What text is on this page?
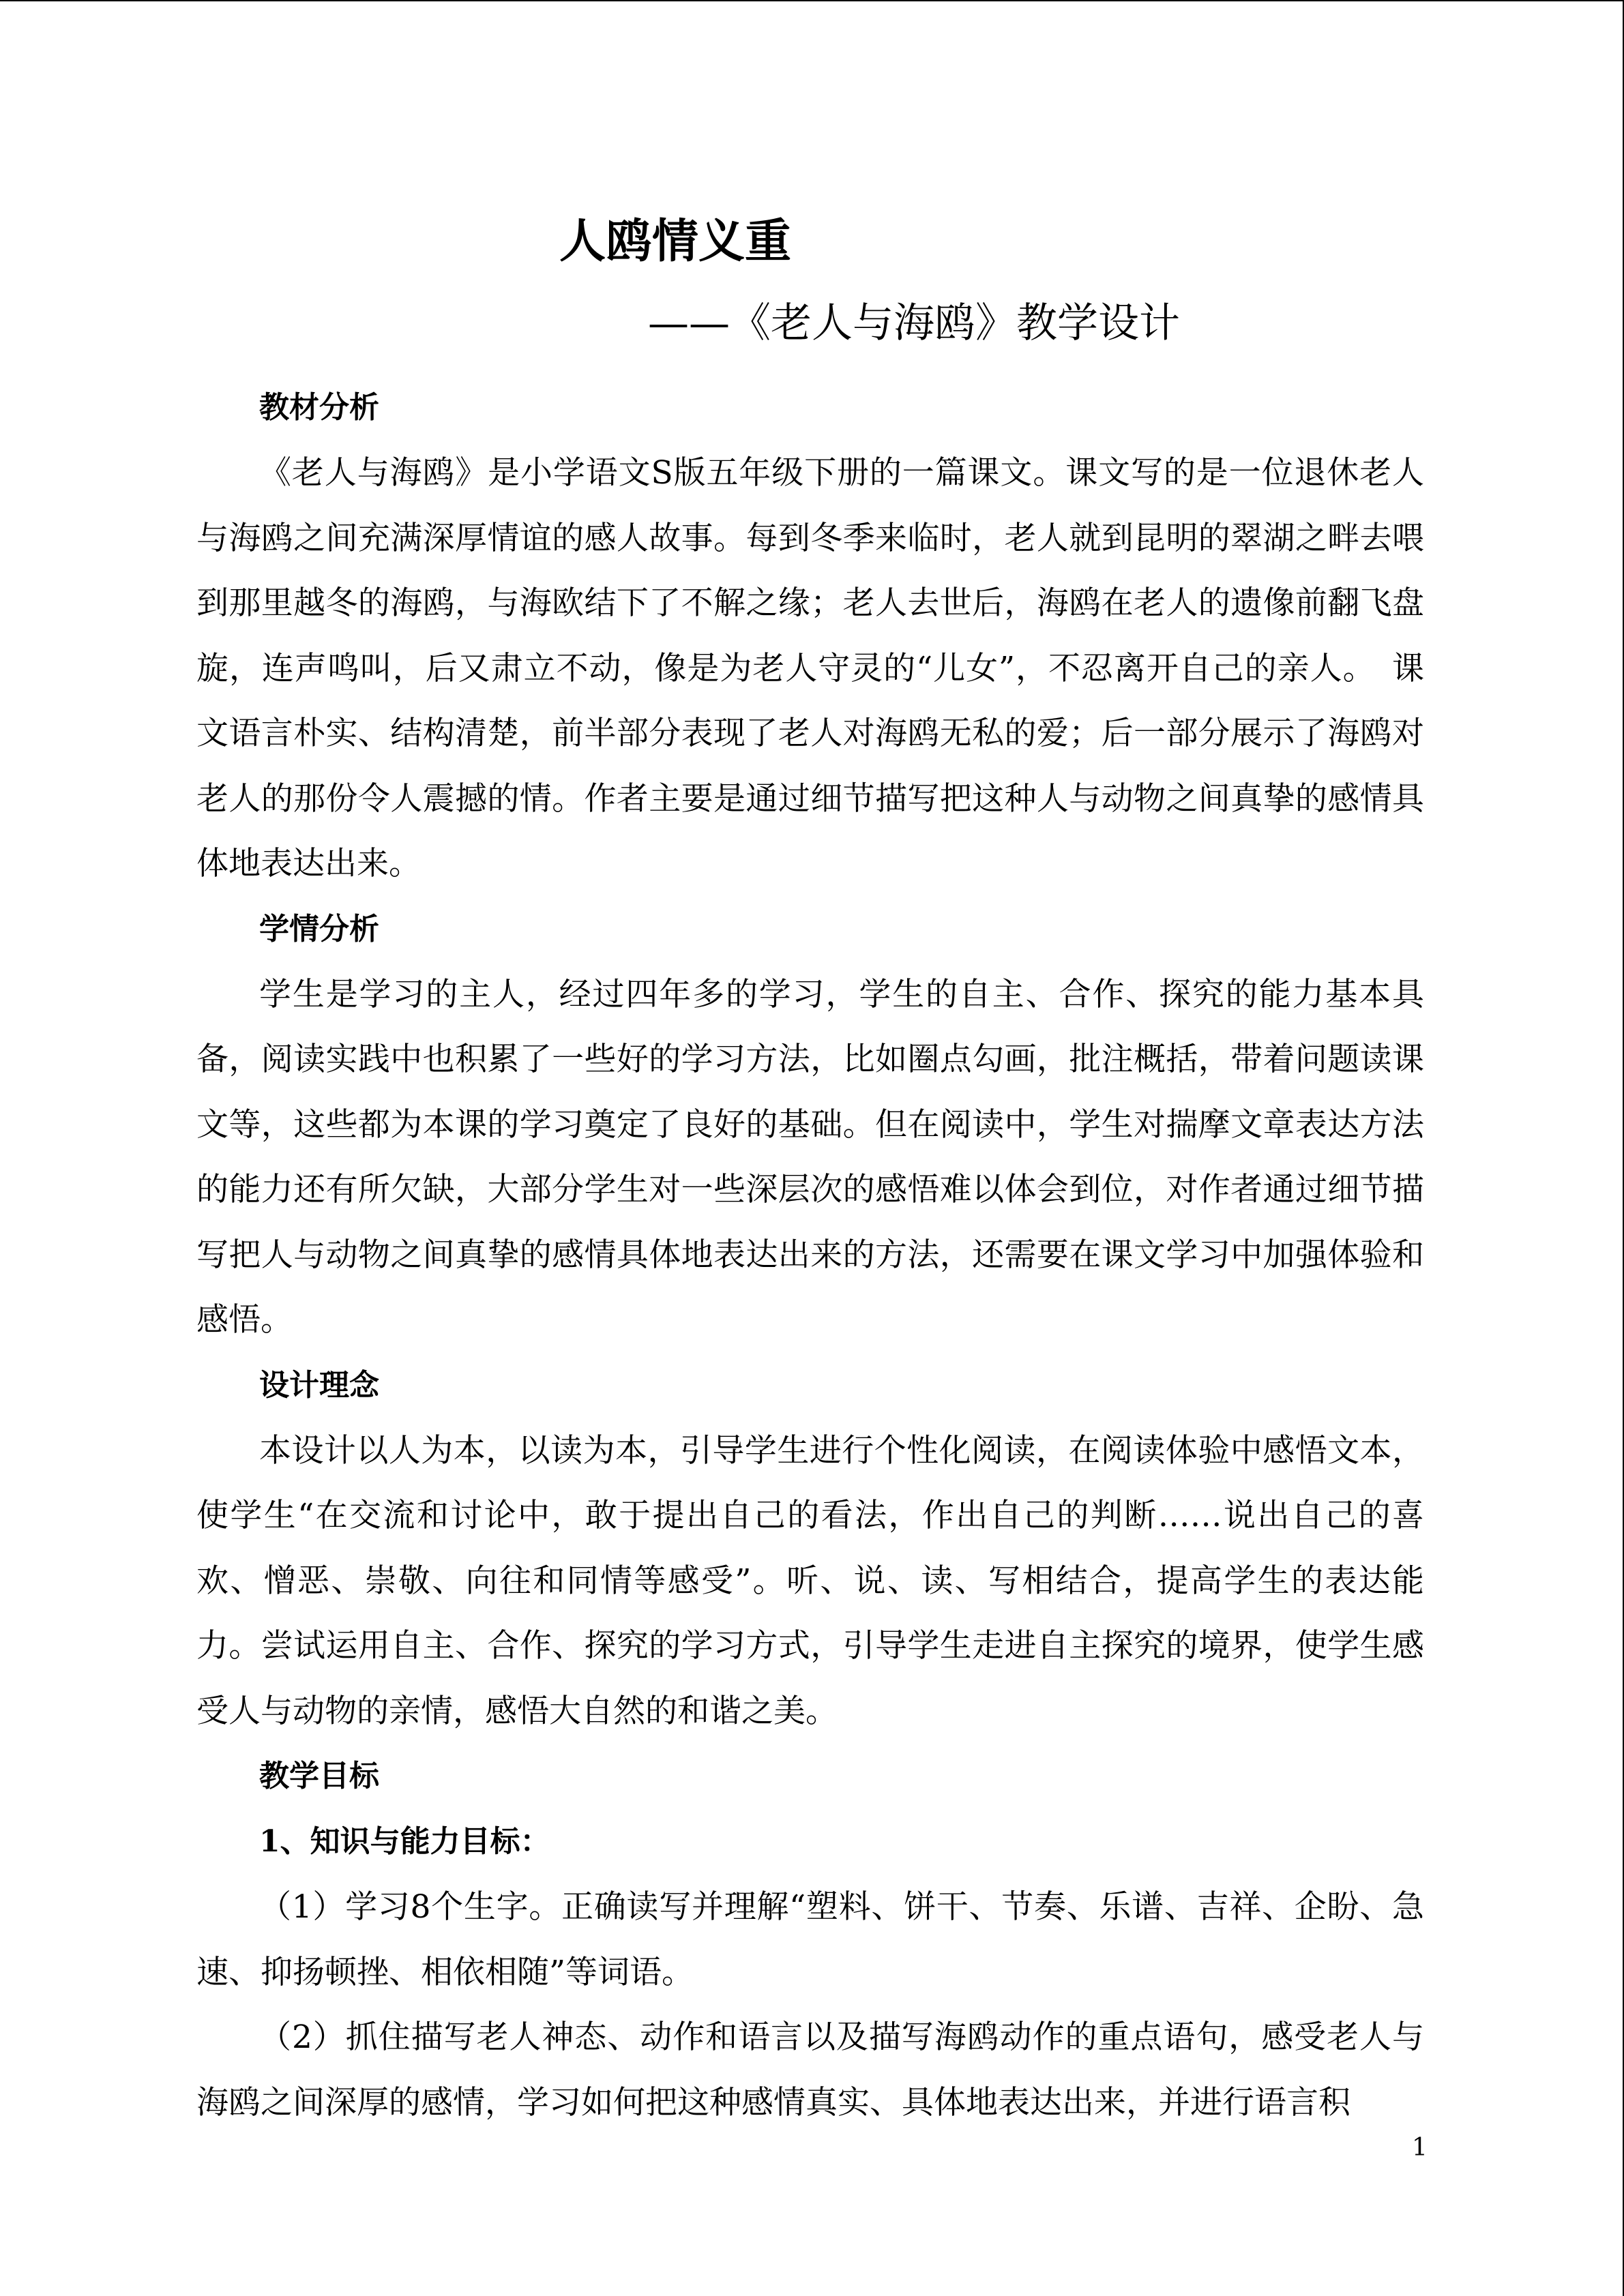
人鸥情义重
——《老人与海鸥》教学设计
教材分析

《老人与海鸥》是小学语文S版五年级下册的一篇课文。课文写的是一位退休老人与海鸥之间充满深厚情谊的感人故事。每到冬季来临时，老人就到昆明的翠湖之畔去喂到那里越冬的海鸥，与海欧结下了不解之缘；老人去世后，海鸥在老人的遗像前翻飞盘旋，连声鸣叫，后又肃立不动，像是为老人守灵的“儿女”，不忍离开自己的亲人。　课文语言朴实、结构清楚，前半部分表现了老人对海鸥无私的爱；后一部分展示了海鸥对老人的那份令人震撼的情。作者主要是通过细节描写把这种人与动物之间真挚的感情具体地表达出来。

学情分析

学生是学习的主人，经过四年多的学习，学生的自主、合作、探究的能力基本具备，阅读实践中也积累了一些好的学习方法，比如圈点勾画，批注概括，带着问题读课文等，这些都为本课的学习奠定了良好的基础。但在阅读中，学生对揣摩文章表达方法的能力还有所欠缺，大部分学生对一些深层次的感悟难以体会到位，对作者通过细节描写把人与动物之间真挚的感情具体地表达出来的方法，还需要在课文学习中加强体验和感悟。

设计理念

本设计以人为本，以读为本，引导学生进行个性化阅读，在阅读体验中感悟文本，使学生“在交流和讨论中，敢于提出自己的看法，作出自己的判断……说出自己的喜欢、憎恶、崇敬、向往和同情等感受”。听、说、读、写相结合，提高学生的表达能力。尝试运用自主、合作、探究的学习方式，引导学生走进自主探究的境界，使学生感受人与动物的亲情，感悟大自然的和谐之美。

教学目标
1、知识与能力目标：

（1）学习8个生字。正确读写并理解“塑料、饼干、节奏、乐谱、吉祥、企盼、急速、抑扬顿挫、相依相随”等词语。

（2）抓住描写老人神态、动作和语言以及描写海鸥动作的重点语句，感受老人与海鸥之间深厚的感情，学习如何把这种感情真实、具体地表达出来，并进行语言积

1
